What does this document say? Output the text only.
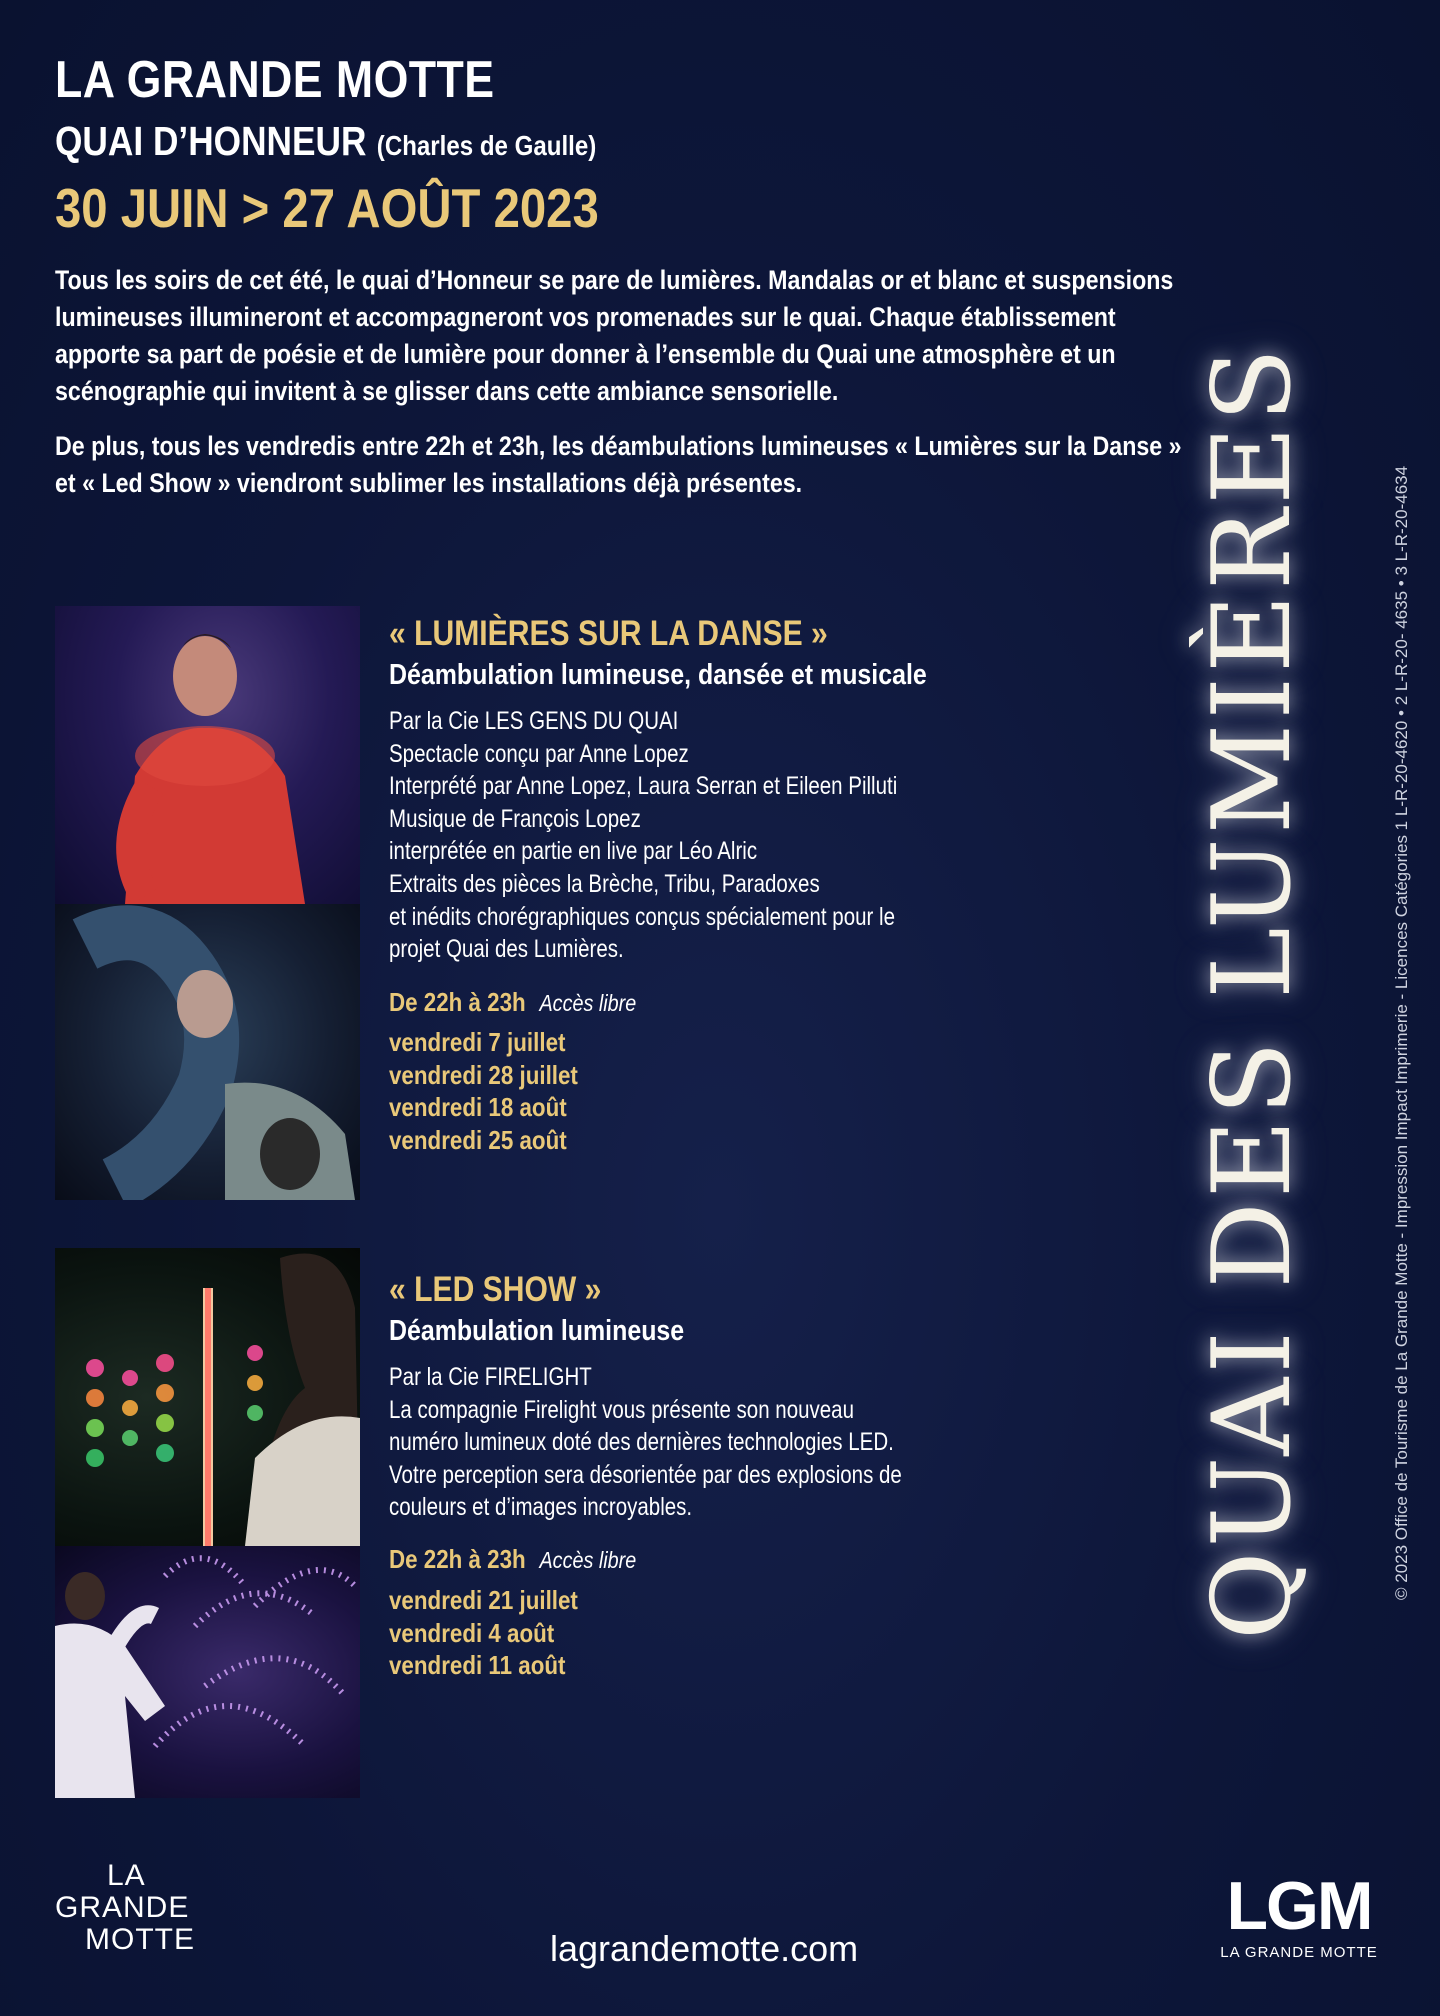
LA GRANDE MOTTE
QUAI D’HONNEUR (Charles de Gaulle)
30 JUIN > 27 AOÛT 2023

Tous les soirs de cet été, le quai d’Honneur se pare de lumières. Mandalas or et blanc et suspensions lumineuses illumineront et accompagneront vos promenades sur le quai. Chaque établissement apporte sa part de poésie et de lumière pour donner à l’ensemble du Quai une atmosphère et un scénographie qui invitent à se glisser dans cette ambiance sensorielle.

De plus, tous les vendredis entre 22h et 23h, les déambulations lumineuses « Lumières sur la Danse » et « Led Show » viendront sublimer les installations déjà présentes.

« LUMIÈRES SUR LA DANSE »
Déambulation lumineuse, dansée et musicale
Par la Cie LES GENS DU QUAI
Spectacle conçu par Anne Lopez
Interprété par Anne Lopez, Laura Serran et Eileen Pilluti
Musique de François Lopez
interprétée en partie en live par Léo Alric
Extraits des pièces la Brèche, Tribu, Paradoxes
et inédits chorégraphiques conçus spécialement pour le
projet Quai des Lumières.
De 22h à 23h Accès libre
vendredi 7 juillet
vendredi 28 juillet
vendredi 18 août
vendredi 25 août
« LED SHOW »
Déambulation lumineuse
Par la Cie FIRELIGHT
La compagnie Firelight vous présente son nouveau
numéro lumineux doté des dernières technologies LED.
Votre perception sera désorientée par des explosions de
couleurs et d’images incroyables.
De 22h à 23h Accès libre
vendredi 21 juillet
vendredi 4 août
vendredi 11 août
QUAI DES LUMIÈRES	© 2023 Office de Tourisme de La Grande Motte - Impression Impact Imprimerie - Licences Catégories 1 L-R-20-4620 • 2 L-R-20- 4635 • 3 L-R-20-4634
LA
GRANDE
MOTTE	lagrandemotte.com
LGM
LA GRANDE MOTTE
